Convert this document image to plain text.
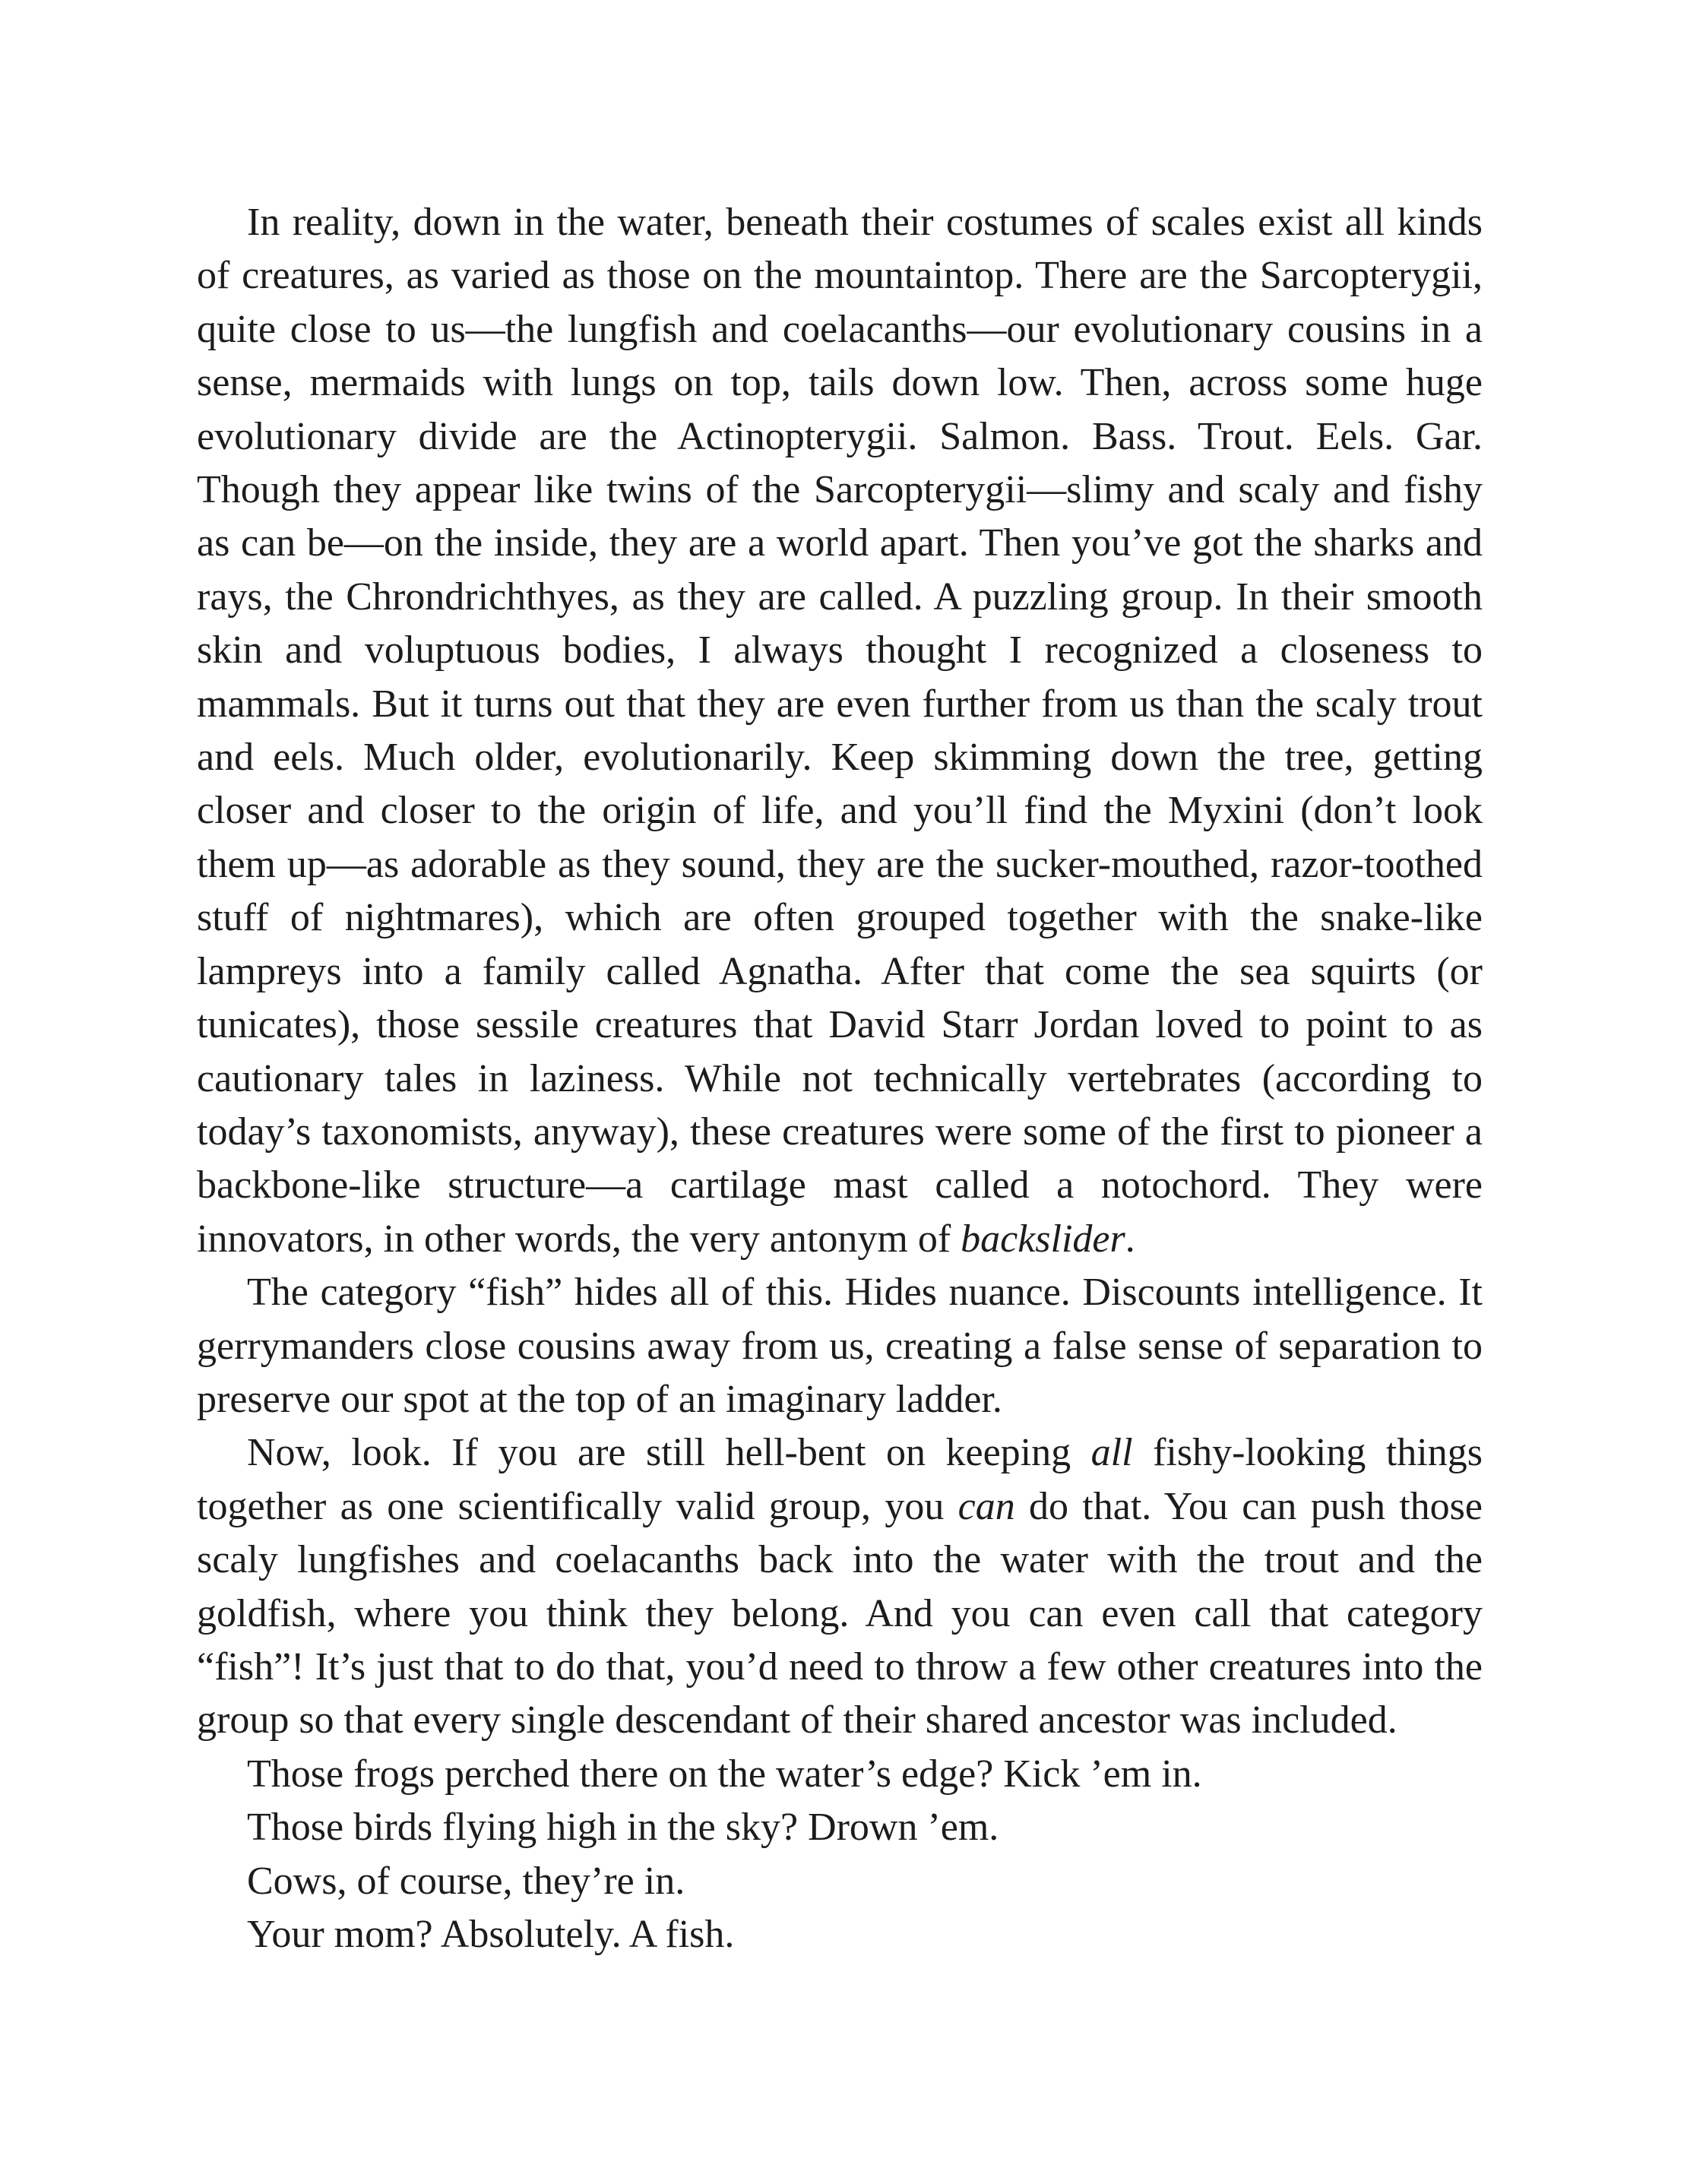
In reality, down in the water, beneath their costumes of scales exist all kinds of creatures, as varied as those on the mountaintop. There are the Sarcopterygii, quite close to us—the lungfish and coelacanths—our evolutionary cousins in a sense, mermaids with lungs on top, tails down low. Then, across some huge evolutionary divide are the Actinopterygii. Salmon. Bass. Trout. Eels. Gar. Though they appear like twins of the Sarcopterygii—slimy and scaly and fishy as can be—on the inside, they are a world apart. Then you’ve got the sharks and rays, the Chrondrichthyes, as they are called. A puzzling group. In their smooth skin and voluptuous bodies, I always thought I recognized a closeness to mammals. But it turns out that they are even further from us than the scaly trout and eels. Much older, evolutionarily. Keep skimming down the tree, getting closer and closer to the origin of life, and you’ll find the Myxini (don’t look them up—as adorable as they sound, they are the sucker-mouthed, razor-toothed stuff of nightmares), which are often grouped together with the snake-like lampreys into a family called Agnatha. After that come the sea squirts (or tunicates), those sessile creatures that David Starr Jordan loved to point to as cautionary tales in laziness. While not technically vertebrates (according to today’s taxonomists, anyway), these creatures were some of the first to pioneer a backbone-like structure—a cartilage mast called a notochord. They were innovators, in other words, the very antonym of backslider.

The category “fish” hides all of this. Hides nuance. Discounts intelligence. It gerrymanders close cousins away from us, creating a false sense of separation to preserve our spot at the top of an imaginary ladder.

Now, look. If you are still hell-bent on keeping all fishy-looking things together as one scientifically valid group, you can do that. You can push those scaly lungfishes and coelacanths back into the water with the trout and the goldfish, where you think they belong. And you can even call that category “fish”! It’s just that to do that, you’d need to throw a few other creatures into the group so that every single descendant of their shared ancestor was included.

Those frogs perched there on the water’s edge? Kick ’em in.

Those birds flying high in the sky? Drown ’em.

Cows, of course, they’re in.

Your mom? Absolutely. A fish.
